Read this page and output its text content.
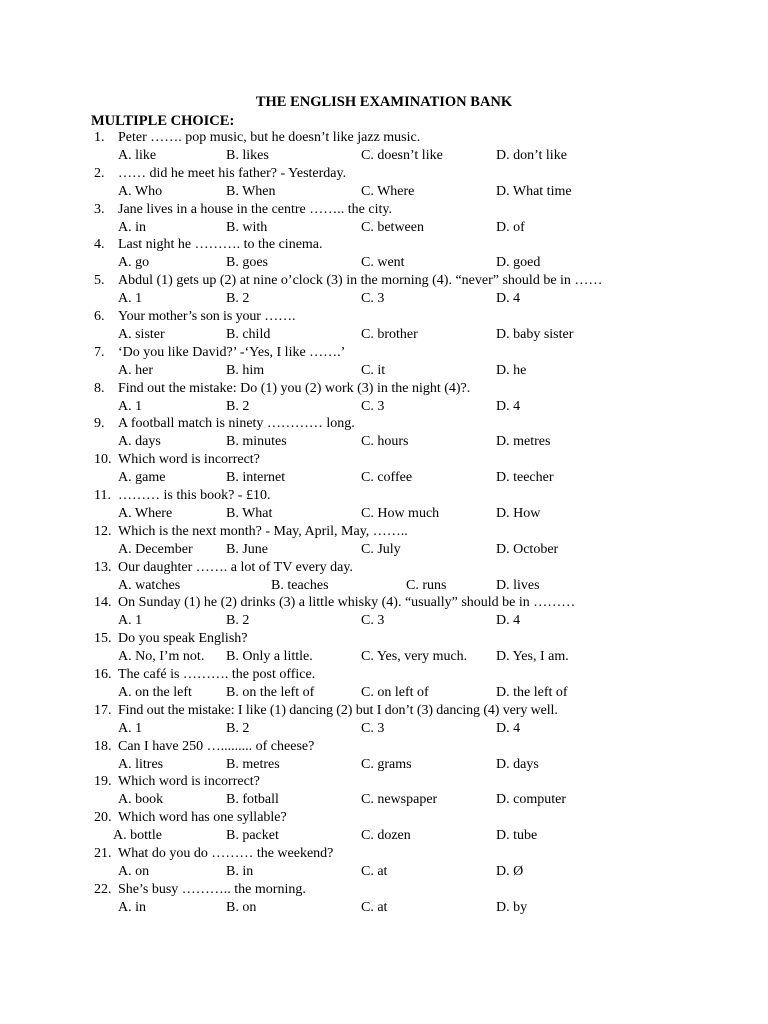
THE ENGLISH EXAMINATION BANK
MULTIPLE CHOICE:
1. Peter ……. pop music, but he doesn’t like jazz music.
A. like	B. likes	C. doesn’t like	D. don’t like
2. …… did he meet his father? - Yesterday.
A. Who	B. When	C. Where	D. What time
3. Jane lives in a house in the centre …….. the city.
A. in	B. with	C. between	D. of
4. Last night he ………. to the cinema.
A. go	B. goes	C. went	D. goed
5. Abdul (1) gets up (2) at nine o’clock (3) in the morning (4). “never” should be in ……
A. 1	B. 2	C. 3	D. 4
6. Your mother’s son is your …….
A. sister	B. child	C. brother	D. baby sister
7. ‘Do you like David?’ -‘Yes, I like …….’
A. her	B. him	C. it	D. he
8. Find out the mistake: Do (1) you (2) work (3) in the night (4)?.
A. 1	B. 2	C. 3	D. 4
9. A football match is ninety ………… long.
A. days	B. minutes	C. hours	D. metres
10. Which word is incorrect?
A. game	B. internet	C. coffee	D. teecher
11. ……… is this book? - £10.
A. Where	B. What	C. How much	D. How
12. Which is the next month? - May, April, May, ……..
A. December B. June	C. July	D. October
13. Our daughter ……. a lot of TV every day.
A. watches	B. teaches	C. runs	D. lives
14. On Sunday (1) he (2) drinks (3) a little whisky (4). “usually” should be in ………
A. 1	B. 2	C. 3	D. 4
15. Do you speak English?
A. No, I’m not. B. Only a little.	C. Yes, very much. D. Yes, I am.
16. The café is ………. the post office.
A. on the left B. on the left of	C. on left of	D. the left of
17. Find out the mistake: I like (1) dancing (2) but I don’t (3) dancing (4) very well.
A. 1	B. 2	C. 3	D. 4
18. Can I have 250 …......... of cheese?
A. litres	B. metres	C. grams	D. days
19. Which word is incorrect?
A. book	B. fotball	C. newspaper	D. computer
20. Which word has one syllable?
A. bottle	B. packet	C. dozen	D. tube
21. What do you do ……… the weekend?
A. on	B. in	C. at	D. Ø
22. She’s busy ……….. the morning.
A. in	B. on	C. at	D. by
